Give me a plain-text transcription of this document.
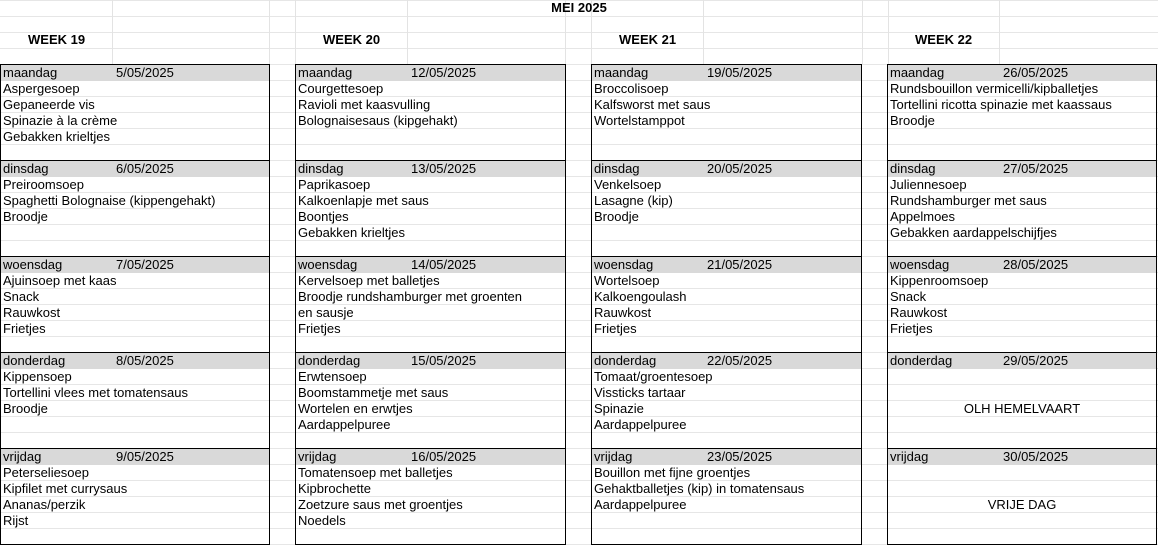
MEI 2025
WEEK 19
maandag	5/05/2025
Aspergesoep
Gepaneerde vis
Spinazie à la crème
Gebakken krieltjes
dinsdag	6/05/2025
Preiroomsoep
Spaghetti Bolognaise (kippengehakt)
Broodje
woensdag	7/05/2025
Ajuinsoep met kaas
Snack
Rauwkost
Frietjes
donderdag	8/05/2025
Kippensoep
Tortellini vlees met tomatensaus
Broodje
vrijdag	9/05/2025
Peterseliesoep
Kipfilet met currysaus
Ananas/perzik
Rijst
WEEK 20
maandag	12/05/2025
Courgettesoep
Ravioli met kaasvulling
Bolognaisesaus (kipgehakt)
dinsdag	13/05/2025
Paprikasoep
Kalkoenlapje met saus
Boontjes
Gebakken krieltjes
woensdag	14/05/2025
Kervelsoep met balletjes
Broodje rundshamburger met groenten
en sausje
Frietjes
donderdag	15/05/2025
Erwtensoep
Boomstammetje met saus
Wortelen en erwtjes
Aardappelpuree
vrijdag	16/05/2025
Tomatensoep met balletjes
Kipbrochette
Zoetzure saus met groentjes
Noedels
WEEK 21
maandag	19/05/2025
Broccolisoep
Kalfsworst met saus
Wortelstamppot
dinsdag	20/05/2025
Venkelsoep
Lasagne (kip)
Broodje
woensdag	21/05/2025
Wortelsoep
Kalkoengoulash
Rauwkost
Frietjes
donderdag	22/05/2025
Tomaat/groentesoep
Vissticks tartaar
Spinazie
Aardappelpuree
vrijdag	23/05/2025
Bouillon met fijne groentjes
Gehaktballetjes (kip) in tomatensaus
Aardappelpuree
WEEK 22
maandag	26/05/2025
Rundsbouillon vermicelli/kipballetjes
Tortellini ricotta spinazie met kaassaus
Broodje
dinsdag	27/05/2025
Juliennesoep
Rundshamburger met saus
Appelmoes
Gebakken aardappelschijfjes
woensdag	28/05/2025
Kippenroomsoep
Snack
Rauwkost
Frietjes
donderdag	29/05/2025
OLH HEMELVAART
vrijdag	30/05/2025
VRIJE DAG
